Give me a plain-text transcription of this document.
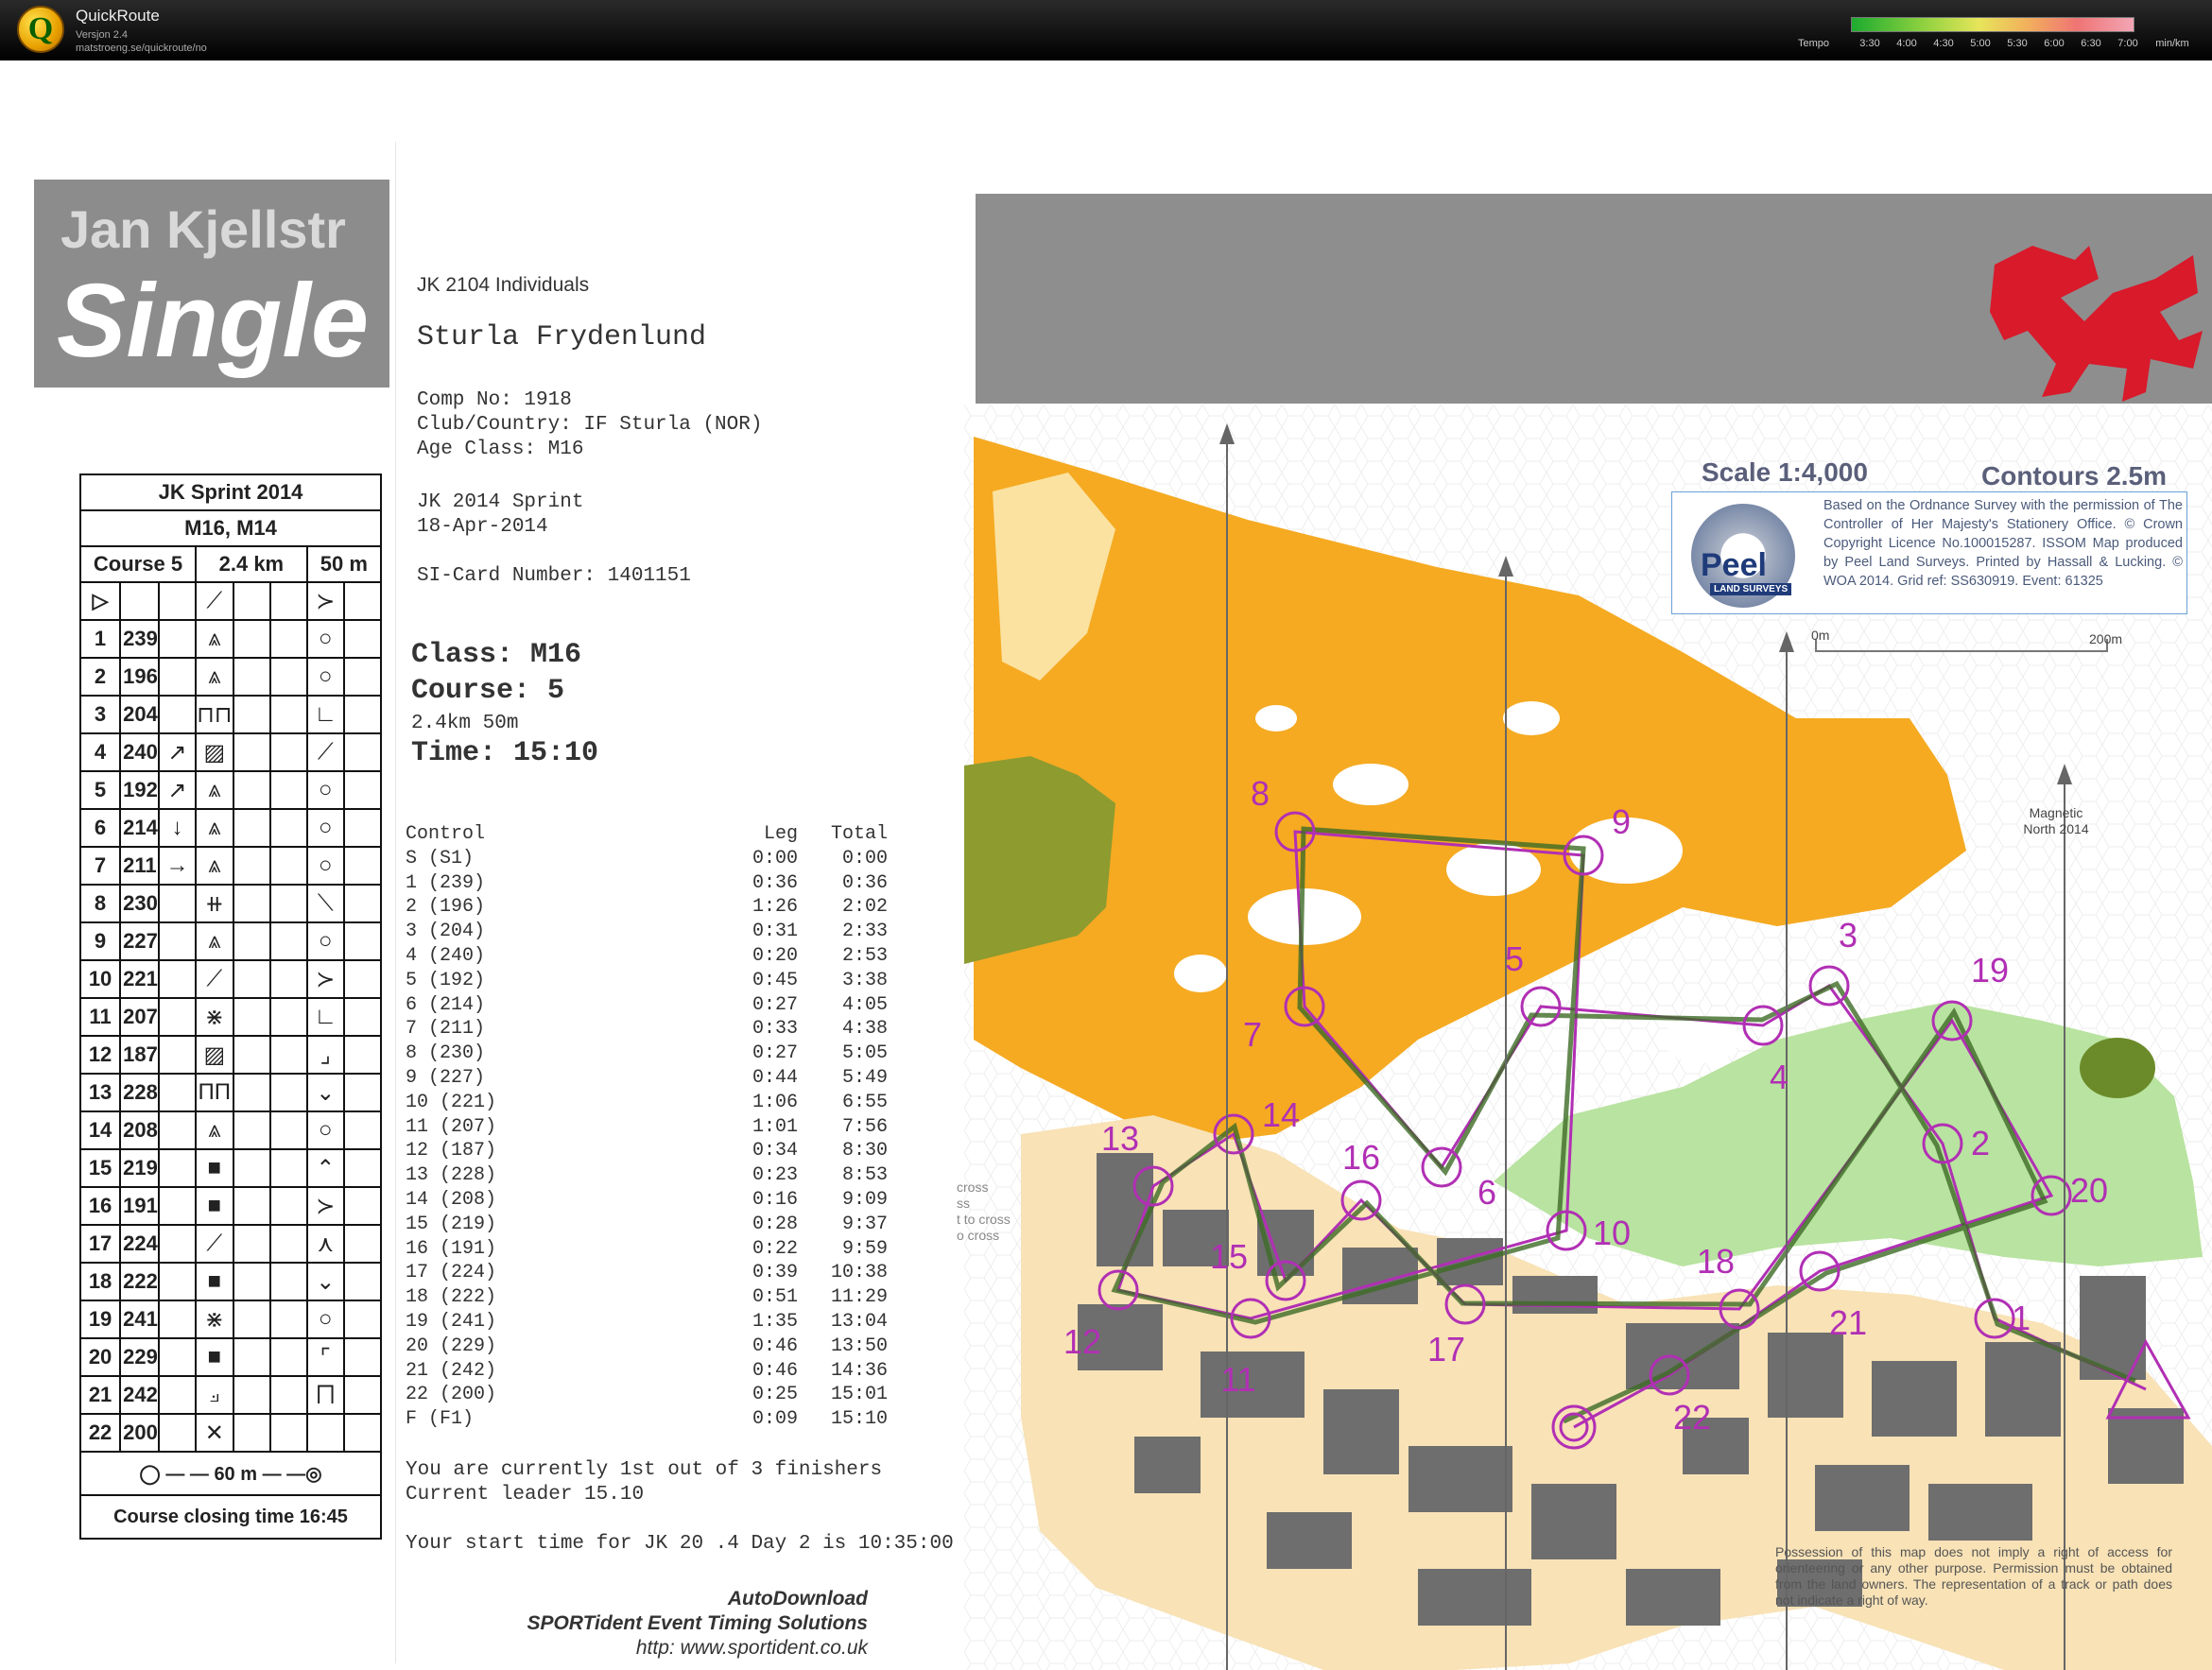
Q	QuickRoute
Versjon 2.4
matstroeng.se/quickroute/no	Tempo	3:30 4:00 4:30 5:00 5:30 6:00 6:30 7:00 min/km
Jan Kjellstr
Single
JK Sprint 2014							
M16, M14							
Course 5			2.4 km			50 m	
▷			⟋			≻	
1	239		⩓			○	
2	196		⩓			○	
3	204		⊓⊓			∟	
4	240	↗	▨			⟋	
5	192	↗	⩓			○	
6	214	↓	⩓			○	
7	211	→	⩓			○	
8	230		⧺			⟍	
9	227		⩓			○	
10	221		⟋			≻	
11	207		⋇			∟	
12	187		▨			⌟	
13	228		ΠΠ			⌄	
14	208		⩓			○	
15	219		■			⌃	
16	191		■			≻	
17	224		⟋			⋏	
18	222		■			⌄	
19	241		⋇			○	
20	229		■			⌜	
21	242		⟓			⨅	
22	200		✕				
◯ — — 60 m — —◎							
Course closing time 16:45							
JK 2104 Individuals
Sturla Frydenlund
Comp No: 1918
Club/Country: IF Sturla (NOR)
Age Class: M16
JK 2014 Sprint
18-Apr-2014
SI-Card Number: 1401151
Class: M16
Course: 5
2.4km 50m
Time: 15:10
Control	Leg	Total
S (S1)	0:00	0:00
1 (239)	0:36	0:36
2 (196)	1:26	2:02
3 (204)	0:31	2:33
4 (240)	0:20	2:53
5 (192)	0:45	3:38
6 (214)	0:27	4:05
7 (211)	0:33	4:38
8 (230)	0:27	5:05
9 (227)	0:44	5:49
10 (221)	1:06	6:55
11 (207)	1:01	7:56
12 (187)	0:34	8:30
13 (228)	0:23	8:53
14 (208)	0:16	9:09
15 (219)	0:28	9:37
16 (191)	0:22	9:59
17 (224)	0:39	10:38
18 (222)	0:51	11:29
19 (241)	1:35	13:04
20 (229)	0:46	13:50
21 (242)	0:46	14:36
22 (200)	0:25	15:01
F (F1)	0:09	15:10
You are currently 1st out of 3 finishers
Current leader 15.10
Your start time for JK 20 .4 Day 2 is 10:35:00
AutoDownload
SPORTident Event Timing Solutions
http: www.sportident.co.uk
Scale 1:4,000	Contours 2.5m
Peel
LAND SURVEYS
Based on the Ordnance Survey with the permission of The Controller of Her Majesty's Stationery Office. © Crown Copyright Licence No.100015287. ISSOM Map produced by Peel Land Surveys. Printed by Hassall & Lucking. © WOA 2014. Grid ref: SS630919. Event: 61325
0m	200m
Magnetic North 2014
cross
ss
t to cross
o cross
Possession of this map does not imply a right of access for orienteering or any other purpose. Permission must be obtained from the land owners. The representation of a track or path does not indicate a right of way.
1
2
3
4
5
6
7
8
9
10
11
12
13
14
15
16
17
18
19
20
21
22
